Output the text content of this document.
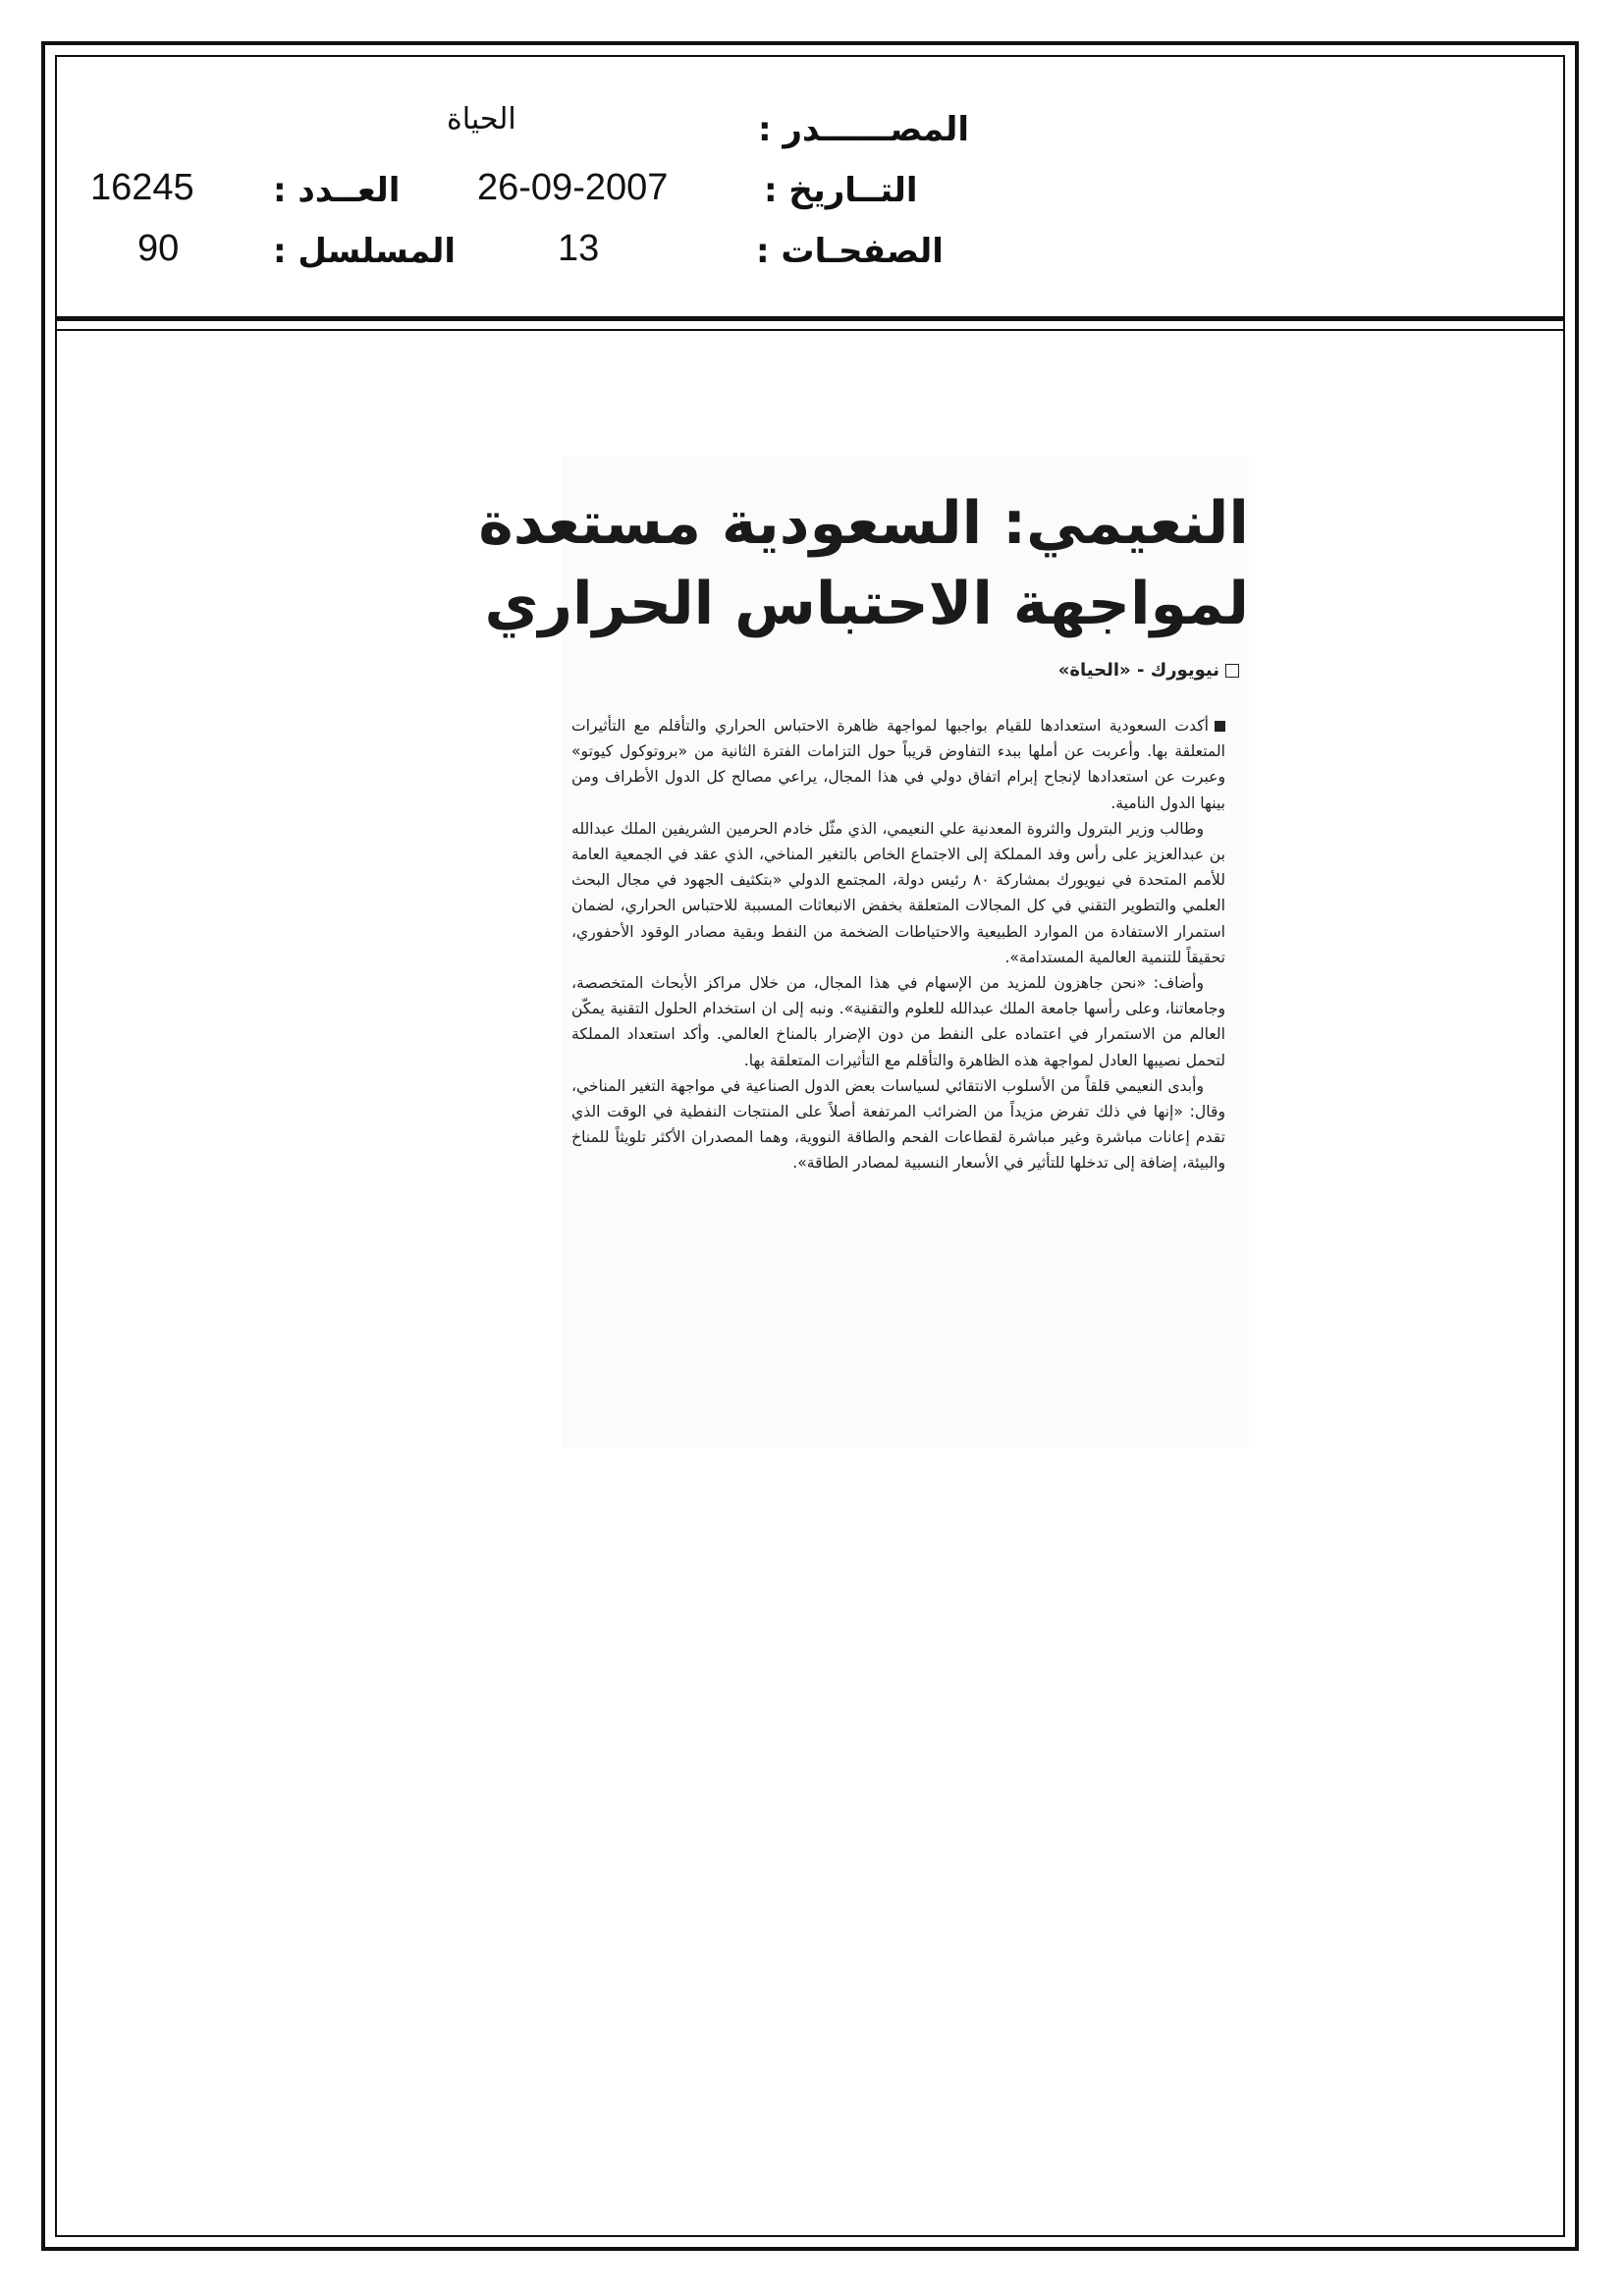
الحياة	المصــــــدر :
16245 العــدد : 26-09-2007	التــاريخ :
90	المسلسل :	13	الصفحـات :
النعيمي: السعودية مستعدة
لمواجهة الاحتباس الحراري
نيويورك - «الحياة»

أكدت السعودية استعدادها للقيام بواجبها لمواجهة ظاهرة الاحتباس الحراري والتأقلم مع التأثيرات المتعلقة بها. وأعربت عن أملها ببدء التفاوض قريباً حول التزامات الفترة الثانية من «بروتوكول كيوتو» وعبرت عن استعدادها لإنجاح إبرام اتفاق دولي في هذا المجال، يراعي مصالح كل الدول الأطراف ومن بينها الدول النامية.

وطالب وزير البترول والثروة المعدنية علي النعيمي، الذي مثّل خادم الحرمين الشريفين الملك عبدالله بن عبدالعزيز على رأس وفد المملكة إلى الاجتماع الخاص بالتغير المناخي، الذي عقد في الجمعية العامة للأمم المتحدة في نيويورك بمشاركة ٨٠ رئيس دولة، المجتمع الدولي «بتكثيف الجهود في مجال البحث العلمي والتطوير التقني في كل المجالات المتعلقة بخفض الانبعاثات المسببة للاحتباس الحراري، لضمان استمرار الاستفادة من الموارد الطبيعية والاحتياطات الضخمة من النفط وبقية مصادر الوقود الأحفوري، تحقيقاً للتنمية العالمية المستدامة».

وأضاف: «نحن جاهزون للمزيد من الإسهام في هذا المجال، من خلال مراكز الأبحاث المتخصصة، وجامعاتنا، وعلى رأسها جامعة الملك عبدالله للعلوم والتقنية». ونبه إلى ان استخدام الحلول التقنية يمكّن العالم من الاستمرار في اعتماده على النفط من دون الإضرار بالمناخ العالمي. وأكد استعداد المملكة لتحمل نصيبها العادل لمواجهة هذه الظاهرة والتأقلم مع التأثيرات المتعلقة بها.

وأبدى النعيمي قلقاً من الأسلوب الانتقائي لسياسات بعض الدول الصناعية في مواجهة التغير المناخي، وقال: «إنها في ذلك تفرض مزيداً من الضرائب المرتفعة أصلاً على المنتجات النفطية في الوقت الذي تقدم إعانات مباشرة وغير مباشرة لقطاعات الفحم والطاقة النووية، وهما المصدران الأكثر تلويثاً للمناخ والبيئة، إضافة إلى تدخلها للتأثير في الأسعار النسبية لمصادر الطاقة».
